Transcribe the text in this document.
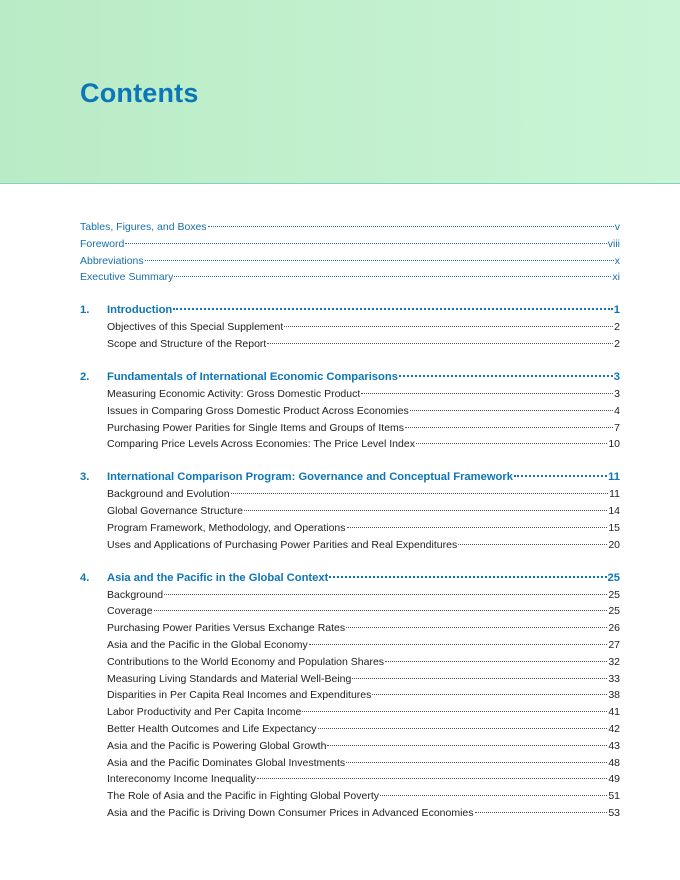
Contents
Tables, Figures, and Boxes	v
Foreword	viii
Abbreviations	x
Executive Summary	xi
1.	Introduction	1
Objectives of this Special Supplement	2
Scope and Structure of the Report	2
2.	Fundamentals of International Economic Comparisons	3
Measuring Economic Activity: Gross Domestic Product	3
Issues in Comparing Gross Domestic Product Across Economies	4
Purchasing Power Parities for Single Items and Groups of Items	7
Comparing Price Levels Across Economies: The Price Level Index	10
3.	International Comparison Program: Governance and Conceptual Framework	11
Background and Evolution	11
Global Governance Structure	14
Program Framework, Methodology, and Operations	15
Uses and Applications of Purchasing Power Parities and Real Expenditures	20
4.	Asia and the Pacific in the Global Context	25
Background	25
Coverage	25
Purchasing Power Parities Versus Exchange Rates	26
Asia and the Pacific in the Global Economy	27
Contributions to the World Economy and Population Shares	32
Measuring Living Standards and Material Well-Being	33
Disparities in Per Capita Real Incomes and Expenditures	38
Labor Productivity and Per Capita Income	41
Better Health Outcomes and Life Expectancy	42
Asia and the Pacific is Powering Global Growth	43
Asia and the Pacific Dominates Global Investments	48
Intereconomy Income Inequality	49
The Role of Asia and the Pacific in Fighting Global Poverty	51
Asia and the Pacific is Driving Down Consumer Prices in Advanced Economies	53
